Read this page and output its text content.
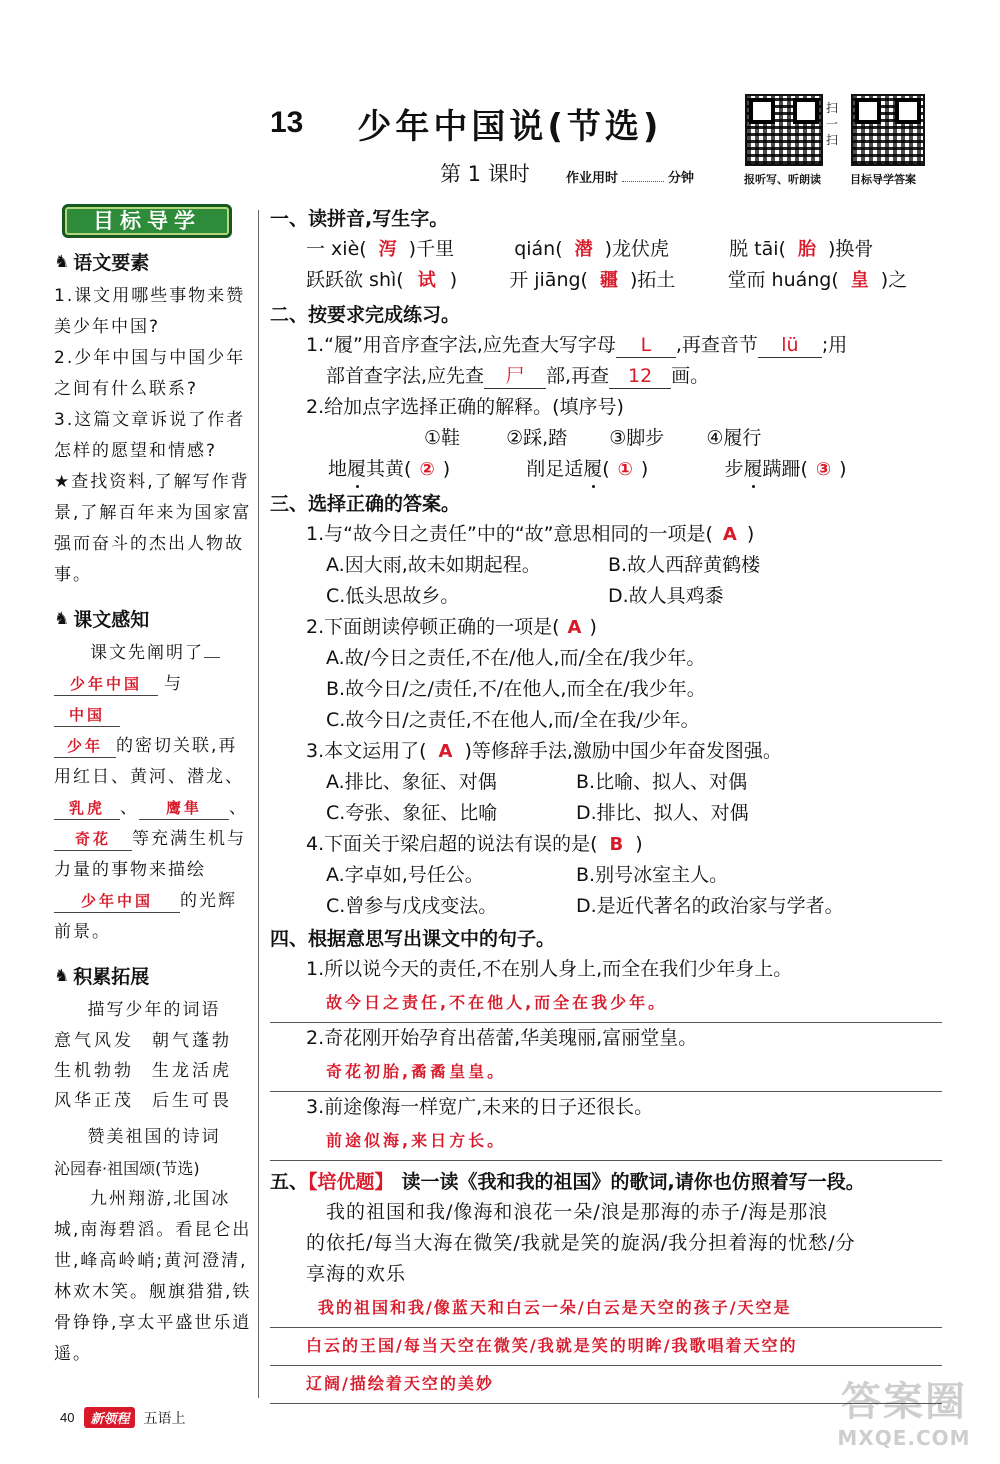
13 少年中国说(节选)
第 1 课时	作业用时	分钟
扫一扫
报听写、听朗读	目标导学答案
目标导学
♞ 语文要素

1.课文用哪些事物来赞美少年中国?

2.少年中国与中国少年之间有什么联系?

3.这篇文章诉说了作者怎样的愿望和情感?

★查找资料,了解写作背景,了解百年来为国家富强而奋斗的杰出人物故事。

♞ 课文感知

课文先阐明了

少年中国 与中国

少年 的密切关联,再用红日、黄河、潜龙、

乳虎 、 鹰隼 、

奇花 等充满生机与力量的事物来描绘

少年中国 的光辉前景。

♞ 积累拓展
描写少年的词语
意气风发	朝气蓬勃
生机勃勃	生龙活虎
风华正茂	后生可畏
赞美祖国的诗词
沁园春·祖国颂(节选)
九州翔游,北国冰城,南海碧滔。看昆仑出世,峰高岭峭;黄河澄清,林欢木笑。舰旗猎猎,铁骨铮铮,享太平盛世乐逍遥。
一、读拼音,写生字。
一 xiè( 泻 )千里	qián( 潜 )龙伏虎	脱 tāi( 胎 )换骨
跃跃欲 shì( 试 )	开 jiāng( 疆 )拓土	堂而 huáng( 皇 )之
二、按要求完成练习。
1.“履”用音序查字法,应先查大写字母 L ,再查音节 lü ;用
部首查字法,应先查 尸 部,再查 12 画。
2.给加点字选择正确的解释。(填序号)
①鞋 ②踩,踏 ③脚步 ④履行
地履其黄( ② )	削足适履( ① )	步履蹒跚( ③ )
三、选择正确的答案。
1.与“故今日之责任”中的“故”意思相同的一项是( A )
A.因大雨,故未如期起程。	B.故人西辞黄鹤楼
C.低头思故乡。	D.故人具鸡黍
2.下面朗读停顿正确的一项是( A )
A.故/今日之责任,不在/他人,而/全在/我少年。
B.故今日/之/责任,不/在他人,而全在/我少年。
C.故今日/之责任,不在他人,而/全在我/少年。
3.本文运用了( A )等修辞手法,激励中国少年奋发图强。
A.排比、象征、对偶	B.比喻、拟人、对偶
C.夸张、象征、比喻	D.排比、拟人、对偶
4.下面关于梁启超的说法有误的是( B )
A.字卓如,号任公。	B.别号冰室主人。
C.曾参与戊戌变法。	D.是近代著名的政治家与学者。
四、根据意思写出课文中的句子。
1.所以说今天的责任,不在别人身上,而全在我们少年身上。
故今日之责任,不在他人,而全在我少年。
2.奇花刚开始孕育出蓓蕾,华美瑰丽,富丽堂皇。
奇花初胎,矞矞皇皇。
3.前途像海一样宽广,未来的日子还很长。
前途似海,来日方长。
五、【培优题】 读一读《我和我的祖国》的歌词,请你也仿照着写一段。
我的祖国和我/像海和浪花一朵/浪是那海的赤子/海是那浪
的依托/每当大海在微笑/我就是笑的旋涡/我分担着海的忧愁/分
享海的欢乐
我的祖国和我/像蓝天和白云一朵/白云是天空的孩子/天空是
白云的王国/每当天空在微笑/我就是笑的明眸/我歌唱着天空的
辽阔/描绘着天空的美妙
40	新领程	五语上	答案圈
MXQE.COM
